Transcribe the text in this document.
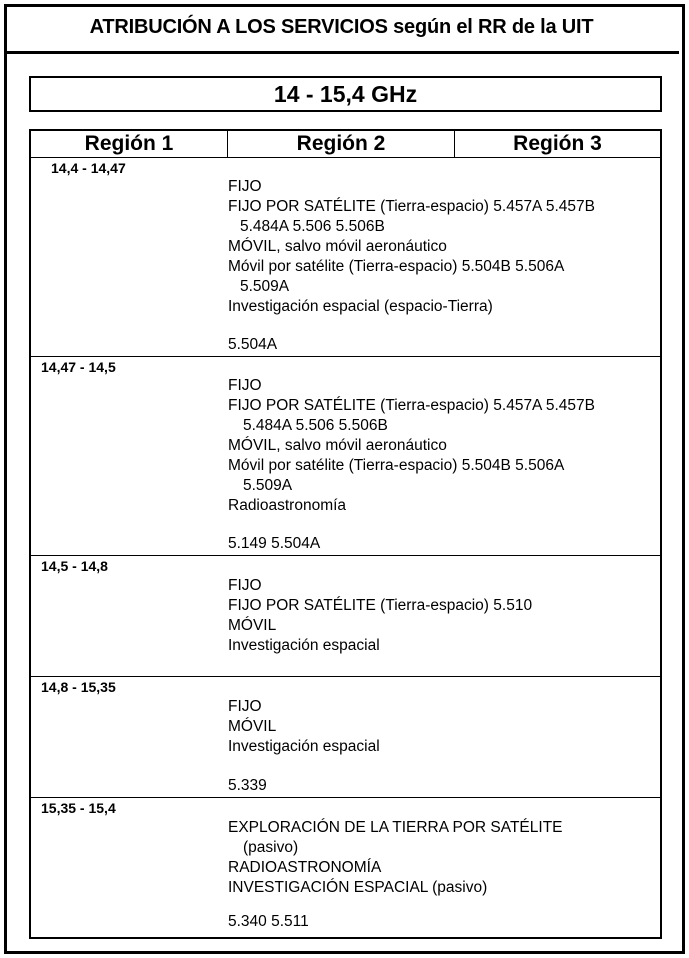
ATRIBUCIÓN A LOS SERVICIOS según el RR de la UIT
14 - 15,4 GHz
Región 1	Región 2	Región 3
14,4 - 14,47
FIJO
FIJO POR SATÉLITE (Tierra-espacio) 5.457A 5.457B
5.484A 5.506 5.506B
MÓVIL, salvo móvil aeronáutico
Móvil por satélite (Tierra-espacio) 5.504B 5.506A
5.509A
Investigación espacial (espacio-Tierra)
5.504A
14,47 - 14,5
FIJO
FIJO POR SATÉLITE (Tierra-espacio) 5.457A 5.457B
5.484A 5.506 5.506B
MÓVIL, salvo móvil aeronáutico
Móvil por satélite (Tierra-espacio) 5.504B 5.506A
5.509A
Radioastronomía
5.149 5.504A
14,5 - 14,8
FIJO
FIJO POR SATÉLITE (Tierra-espacio) 5.510
MÓVIL
Investigación espacial
14,8 - 15,35
FIJO
MÓVIL
Investigación espacial
5.339
15,35 - 15,4
EXPLORACIÓN DE LA TIERRA POR SATÉLITE
(pasivo)
RADIOASTRONOMÍA
INVESTIGACIÓN ESPACIAL (pasivo)
5.340 5.511
